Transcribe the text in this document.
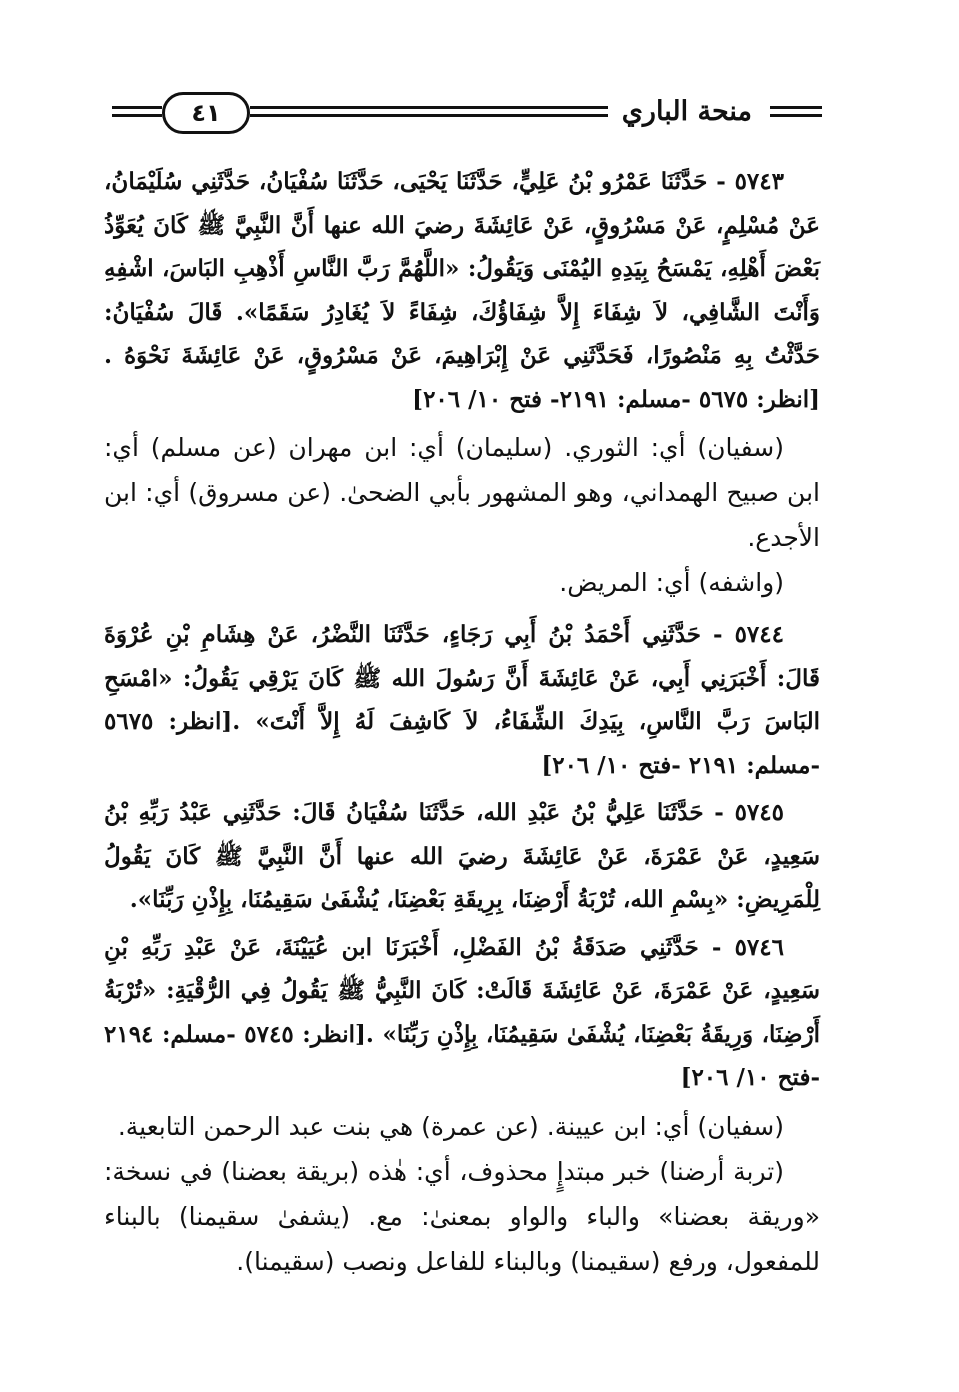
٤١	منحة الباري

٥٧٤٣ - حَدَّثَنَا عَمْرُو بْنُ عَلِيٍّ، حَدَّثَنَا يَحْيَى، حَدَّثَنَا سُفْيَانُ، حَدَّثَنِي سُلَيْمَانُ، عَنْ مُسْلِمٍ، عَنْ مَسْرُوقٍ، عَنْ عَائِشَةَ رضيَ الله عنها أَنَّ النَّبِيَّ ﷺ كَانَ يُعَوِّذُ بَعْضَ أَهْلِهِ، يَمْسَحُ بِيَدِهِ اليُمْنَى وَيَقُولُ: «اللَّهُمَّ رَبَّ النَّاسِ أَذْهِبِ البَاسَ، اشْفِهِ وَأَنْتَ الشَّافِي، لاَ شِفَاءَ إِلاَّ شِفَاؤُكَ، شِفَاءً لاَ يُغَادِرُ سَقَمًا». قَالَ سُفْيَانُ: حَدَّثْتُ بِهِ مَنْصُورًا، فَحَدَّثَنِي عَنْ إِبْرَاهِيمَ، عَنْ مَسْرُوقٍ، عَنْ عَائِشَةَ نَحْوَهُ .[انظر: ٥٦٧٥ -مسلم: ٢١٩١- فتح ١٠/ ٢٠٦]

(سفيان) أي: الثوري. (سليمان) أي: ابن مهران (عن مسلم) أي: ابن صبيح الهمداني، وهو المشهور بأبي الضحىٰ. (عن مسروق) أي: ابن الأجدع.

(واشفه) أي: المريض.

٥٧٤٤ - حَدَّثَنِي أَحْمَدُ بْنُ أَبِي رَجَاءٍ، حَدَّثَنَا النَّضْرُ، عَنْ هِشَامِ بْنِ عُرْوَةَ قَالَ: أَخْبَرَنِي أَبِي، عَنْ عَائِشَةَ أَنَّ رَسُولَ الله ﷺ كَانَ يَرْقِي يَقُولُ: «امْسَحِ البَاسَ رَبَّ النَّاسِ، بِيَدِكَ الشِّفَاءُ، لاَ كَاشِفَ لَهُ إِلاَّ أَنْتَ» .[انظر: ٥٦٧٥ -مسلم: ٢١٩١ -فتح ١٠/ ٢٠٦]

٥٧٤٥ - حَدَّثَنَا عَلِيُّ بْنُ عَبْدِ الله، حَدَّثَنَا سُفْيَانُ قَالَ: حَدَّثَنِي عَبْدُ رَبِّهِ بْنُ سَعِيدٍ، عَنْ عَمْرَةَ، عَنْ عَائِشَةَ رضيَ الله عنها أَنَّ النَّبِيَّ ﷺ كَانَ يَقُولُ لِلْمَرِيضِ: «بِسْمِ الله، تُرْبَةُ أَرْضِنَا، بِرِيقَةِ بَعْضِنَا، يُشْفَىٰ سَقِيمُنَا، بِإِذْنِ رَبِّنَا».

٥٧٤٦ - حَدَّثَنِي صَدَقَةُ بْنُ الفَضْلِ، أَخْبَرَنَا ابن عُيَيْنَةَ، عَنْ عَبْدِ رَبِّهِ بْنِ سَعِيدٍ، عَنْ عَمْرَةَ، عَنْ عَائِشَةَ قَالَتْ: كَانَ النَّبِيُّ ﷺ يَقُولُ فِي الرُّقْيَةِ: «تُرْبَةُ أَرْضِنَا، وَرِيقَةُ بَعْضِنَا، يُشْفَىٰ سَقِيمُنَا، بِإِذْنِ رَبِّنَا» .[انظر: ٥٧٤٥ -مسلم: ٢١٩٤ -فتح ١٠/ ٢٠٦]

(سفيان) أي: ابن عيينة. (عن عمرة) هي بنت عبد الرحمن التابعية.

(تربة أرضنا) خبر مبتدإٍ محذوف، أي: هٰذه (بريقة بعضنا) في نسخة: «وريقة بعضنا» والباء والواو بمعنىٰ: مع. (يشفىٰ سقيمنا) بالبناء للمفعول، ورفع (سقيمنا) وبالبناء للفاعل ونصب (سقيمنا).
